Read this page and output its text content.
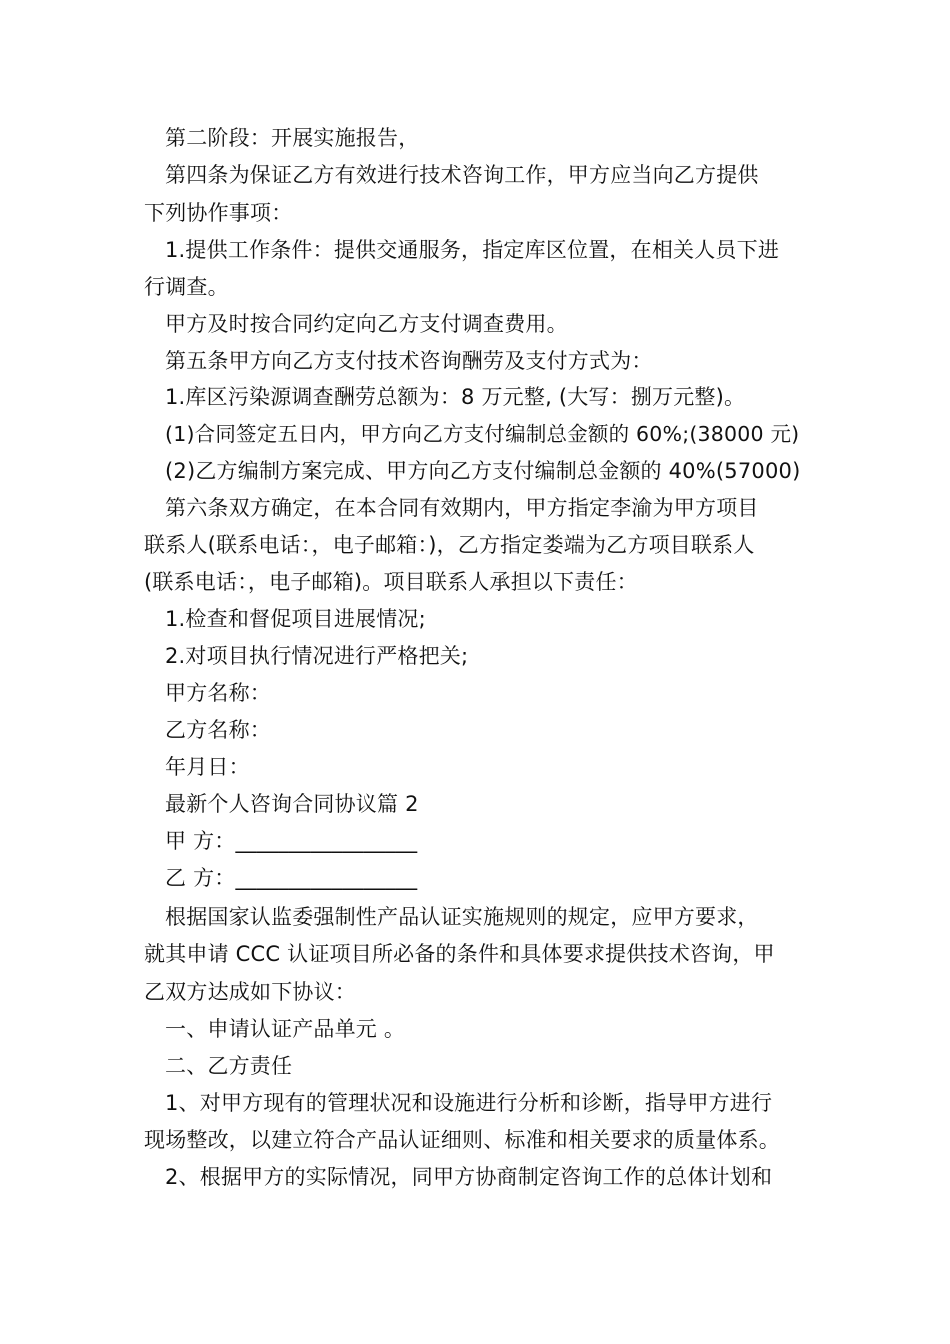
第二阶段：开展实施报告，
第四条为保证乙方有效进行技术咨询工作，甲方应当向乙方提供
下列协作事项：
1.提供工作条件：提供交通服务，指定库区位置，在相关人员下进
行调查。
甲方及时按合同约定向乙方支付调查费用。
第五条甲方向乙方支付技术咨询酬劳及支付方式为：
1.库区污染源调查酬劳总额为：8 万元整, (大写：捌万元整)。
(1)合同签定五日内，甲方向乙方支付编制总金额的 60%;(38000 元)
(2)乙方编制方案完成、甲方向乙方支付编制总金额的 40%(57000)
第六条双方确定，在本合同有效期内，甲方指定李渝为甲方项目
联系人(联系电话：，电子邮箱：)，乙方指定娄端为乙方项目联系人
(联系电话：，电子邮箱)。项目联系人承担以下责任：
1.检查和督促项目进展情况;
2.对项目执行情况进行严格把关;
甲方名称：
乙方名称：
年月日：
最新个人咨询合同协议篇 2
甲 方：_________________
乙 方：_________________
根据国家认监委强制性产品认证实施规则的规定，应甲方要求，
就其申请 CCC 认证项目所必备的条件和具体要求提供技术咨询，甲
乙双方达成如下协议：
一、申请认证产品单元 。
二、乙方责任
1、对甲方现有的管理状况和设施进行分析和诊断，指导甲方进行
现场整改，以建立符合产品认证细则、标准和相关要求的质量体系。
2、根据甲方的实际情况，同甲方协商制定咨询工作的总体计划和
